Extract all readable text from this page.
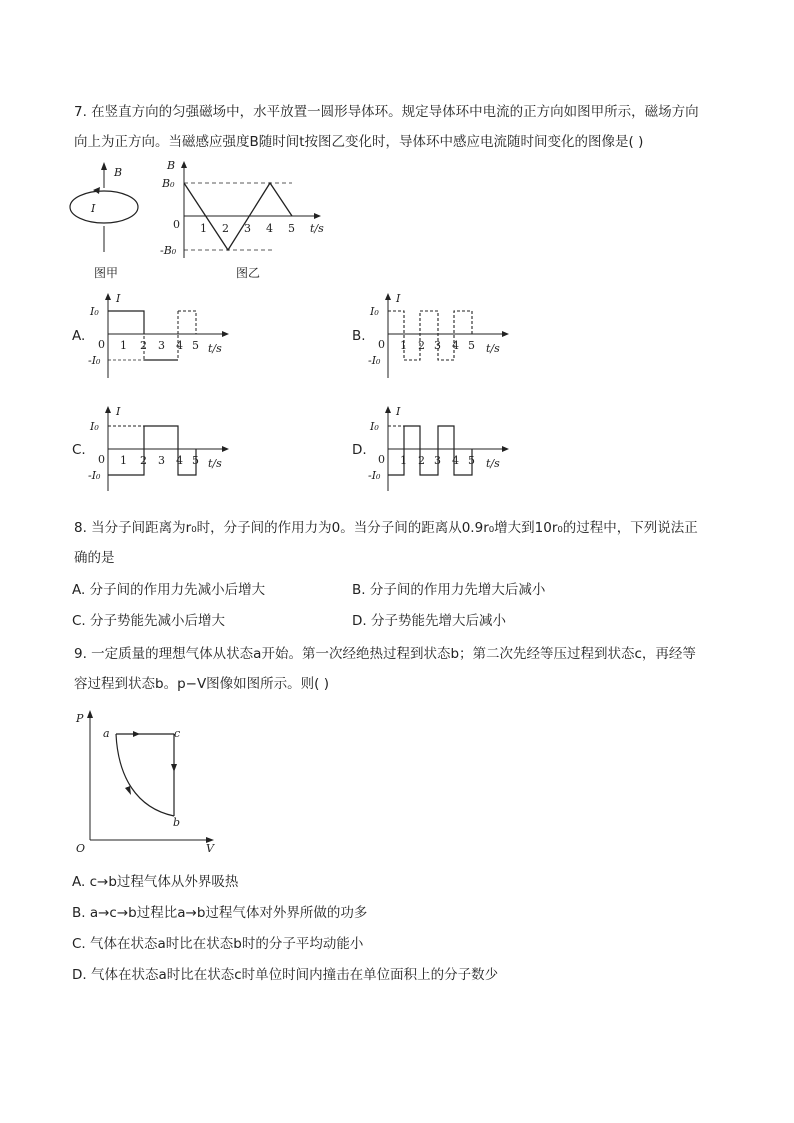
7. 在竖直方向的匀强磁场中，水平放置一圆形导体环。规定导体环中电流的正方向如图甲所示，磁场方向
向上为正方向。当磁感应强度B随时间t按图乙变化时，导体环中感应电流随时间变化的图像是( )
B
I
图甲
B
B₀
-B₀
0 1 2 3 4 5 t/s
图乙
A.
I
I₀
-I₀
0 1 2 3 4 5 t/s
B.
I
I₀
-I₀
0 1 2 3 4 5 t/s
C.
I
I₀
-I₀
0 1 2 3 4 5 t/s
D.
I
I₀
-I₀
0 1 2 3 4 5 t/s
8. 当分子间距离为r₀时，分子间的作用力为0。当分子间的距离从0.9r₀增大到10r₀的过程中，下列说法正
确的是
A. 分子间的作用力先减小后增大	B. 分子间的作用力先增大后减小
C. 分子势能先减小后增大	D. 分子势能先增大后减小
9. 一定质量的理想气体从状态a开始。第一次经绝热过程到状态b；第二次先经等压过程到状态c，再经等
容过程到状态b。p−V图像如图所示。则( )
P
V
O
a
b
c
A. c→b过程气体从外界吸热
B. a→c→b过程比a→b过程气体对外界所做的功多
C. 气体在状态a时比在状态b时的分子平均动能小
D. 气体在状态a时比在状态c时单位时间内撞击在单位面积上的分子数少
